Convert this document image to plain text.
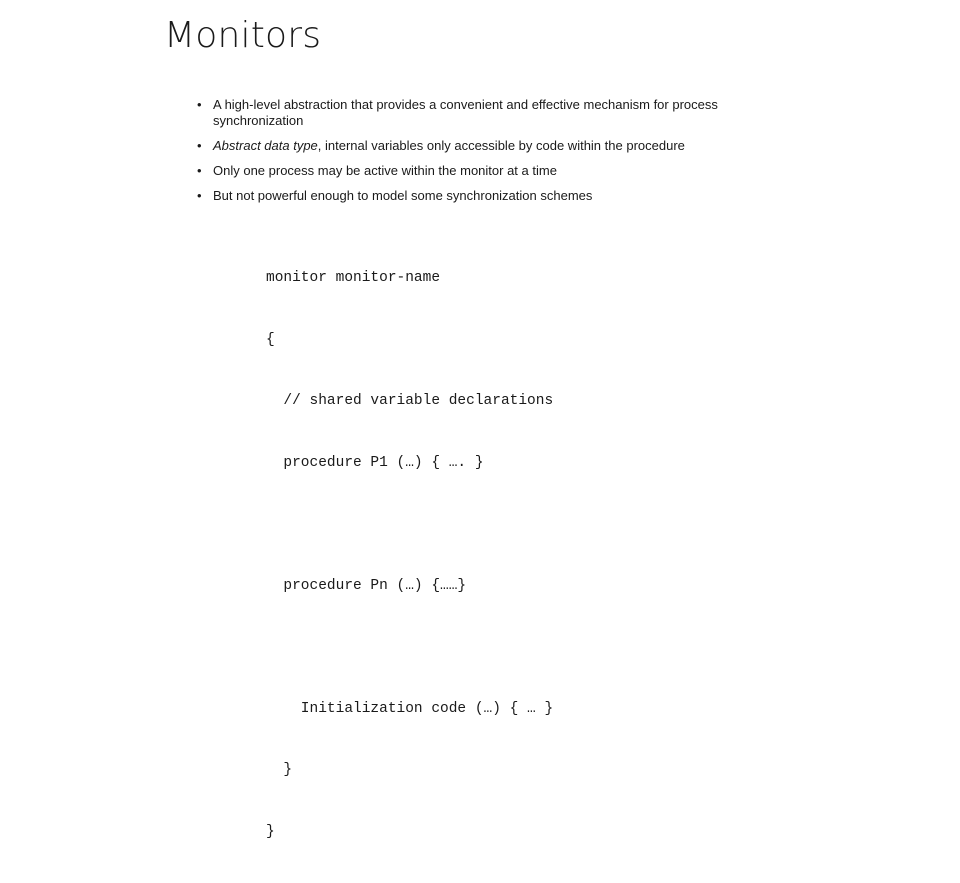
Monitors
• A high-level abstraction that provides a convenient and effective mechanism for process synchronization
• Abstract data type, internal variables only accessible by code within the procedure
• Only one process may be active within the monitor at a time
• But not powerful enough to model some synchronization schemes

monitor monitor-name

{

// shared variable declarations

procedure P1 (…) { …. }

procedure Pn (…) {……}

Initialization code (…) { … }

}

}
